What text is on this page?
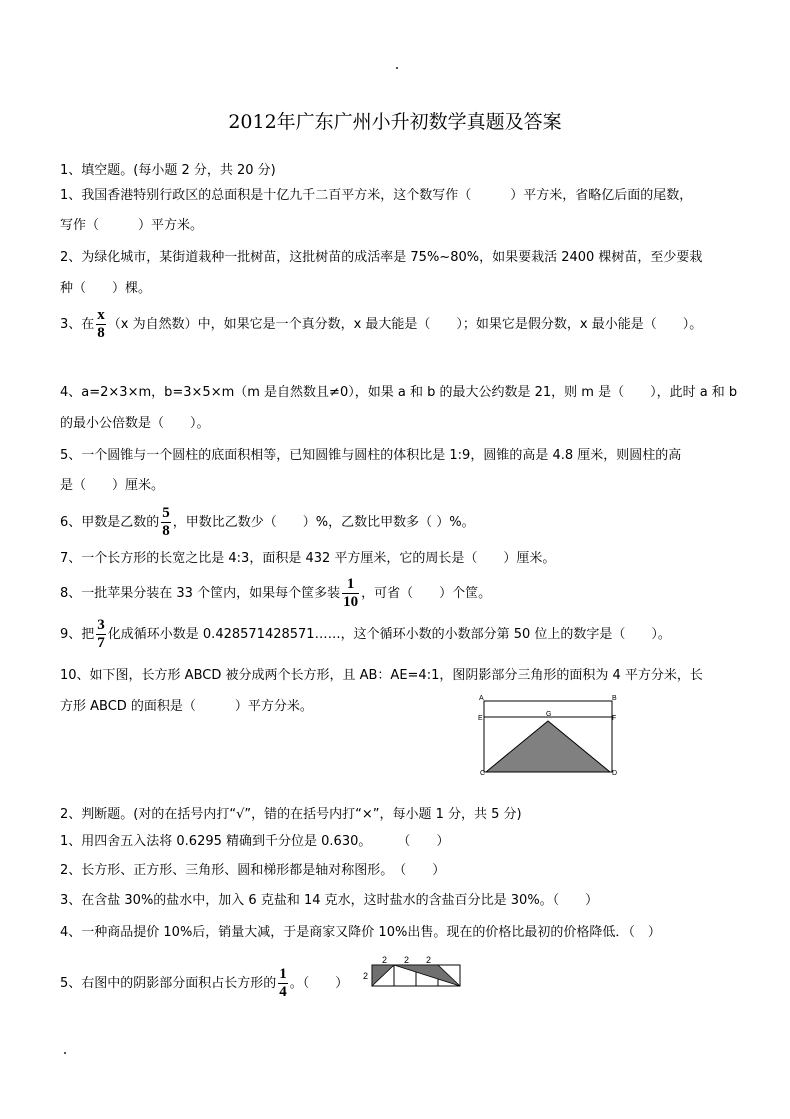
2012年广东广州小升初数学真题及答案
1、填空题。(每小题 2 分，共 20 分)
1、我国香港特别行政区的总面积是十亿九千二百平方米，这个数写作（　　　）平方米，省略亿后面的尾数，
写作（　　　）平方米。
2、为绿化城市，某街道栽种一批树苗，这批树苗的成活率是 75%~80%，如果要栽活 2400 棵树苗，至少要栽
种（　　）棵。
3、在 $\frac{x}{8} (x$ 为自然数）中，如果它是一个真分数，x 最大能是（　　）；如果它是假分数，x 最小能是（　　）。
4、a=2×3×m，b=3×5×m（m 是自然数且≠0），如果 a 和 b 的最大公约数是 21，则 m 是（　　），此时 a 和 b
的最小公倍数是（　　）。
5、一个圆锥与一个圆柱的底面积相等，已知圆锥与圆柱的体积比是 1:9，圆锥的高是 4.8 厘米，则圆柱的高
是（　　）厘米。
6、甲数是乙数的 $\frac{5}{8}$ ，甲数比乙数少（　　）%，乙数比甲数多（ ）%。
7、一个长方形的长宽之比是 4:3，面积是 432 平方厘米，它的周长是（　　）厘米。
8、一批苹果分装在 33 个筐内，如果每个筐多装 $\frac{1}{10}$ ，可省（　　）个筐。
9、把 $\frac{3}{7}$ 化成循环小数是 0.428571428571……，这个循环小数的小数部分第 50 位上的数字是（　　）。
10、如下图，长方形 ABCD 被分成两个长方形，且 AB：AE=4:1，图阴影部分三角形的面积为 4 平方分米，长
方形 ABCD 的面积是（　　　）平方分米。
A	B
E
G
F
C	D
2、判断题。(对的在括号内打“√”，错的在括号内打“×”，每小题 1 分，共 5 分)
1、用四舍五入法将 0.6295 精确到千分位是 0.630。　　　（　　）
2、长方形、正方形、三角形、圆和梯形都是轴对称图形。　（　　）
3、在含盐 30%的盐水中，加入 6 克盐和 14 克水，这时盐水的含盐百分比是 30%。（　　）
4、一种商品提价 10%后，销量大减，于是商家又降价 10%出售。现在的价格比最初的价格降低．（　）
5、右图中的阴影部分面积占长方形的 $\frac{1}{4}$ 。（　　） 2
2 2 2
